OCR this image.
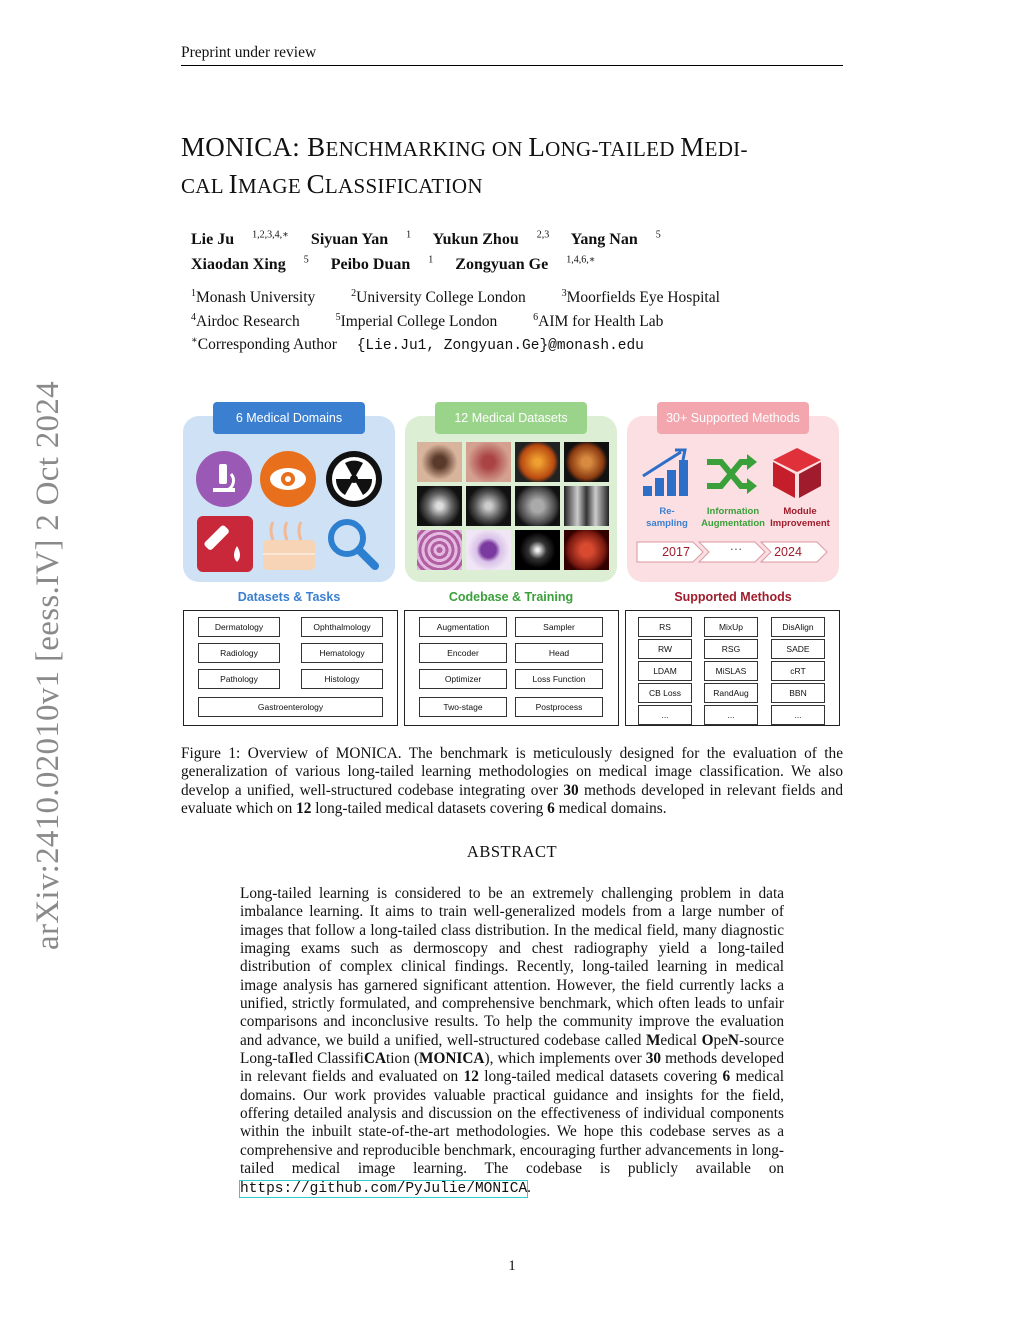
Preprint under review
MONICA: BENCHMARKING ON LONG-TAILED MEDI-
CAL IMAGE CLASSIFICATION
Lie Ju $^{1,2,3,4,∗}$ Siyuan Yan $^1$ Yukun Zhou $^{2,3}$ Yang Nan $^5$
Xiaodan Xing $^5$ Peibo Duan $^1$ Zongyuan Ge $^{1,4,6,∗}$
$^1$Monash University	$^2$University College London	$^3$Moorfields Eye Hospital
$^4$Airdoc Research	$^5$Imperial College London	$^6$AIM for Health Lab
∗Corresponding Author {Lie.Ju1, Zongyuan.Ge}@monash.edu
arXiv:2410.02010v1 [eess.IV] 2 Oct 2024	6 Medical Domains	12 Medical Datasets	30+ Supported Methods
Re-
sampling
Information
Augmentation
Module
Improvement
2017	···	2024
Datasets & Tasks	Codebase & Training	Supported Methods
Dermatology	Ophthalmology
Radiology	Hematology
Pathology	Histology
Gastroenterology
Augmentation	Sampler
Encoder	Head
Optimizer	Loss Function
Two-stage	Postprocess
RS	MixUp	DisAlign
RW	RSG	SADE
LDAM	MiSLAS	cRT
CB Loss	RandAug	BBN
...	...	...
Figure 1: Overview of MONICA. The benchmark is meticulously designed for the evaluation of the generalization of various long-tailed learning methodologies on medical image classification. We also develop a unified, well-structured codebase integrating over 30 methods developed in relevant fields and evaluate which on 12 long-tailed medical datasets covering 6 medical domains.
ABSTRACT
Long-tailed learning is considered to be an extremely challenging problem in data imbalance learning. It aims to train well-generalized models from a large number of images that follow a long-tailed class distribution. In the medical field, many diagnostic imaging exams such as dermoscopy and chest radiography yield a long-tailed distribution of complex clinical findings. Recently, long-tailed learning in medical image analysis has garnered significant attention. However, the field currently lacks a unified, strictly formulated, and comprehensive benchmark, which often leads to unfair comparisons and inconclusive results. To help the community improve the evaluation and advance, we build a unified, well-structured codebase called Medical OpeN-source Long-taIled ClassifiCAtion (MONICA), which implements over 30 methods developed in relevant fields and evaluated on 12 long-tailed medical datasets covering 6 medical domains. Our work provides valuable practical guidance and insights for the field, offering detailed analysis and discussion on the effectiveness of individual components within the inbuilt state-of-the-art methodologies. We hope this codebase serves as a comprehensive and reproducible benchmark, encouraging further advancements in long-tailed medical image learning. The codebase is publicly available on https://github.com/PyJulie/MONICA.
1
